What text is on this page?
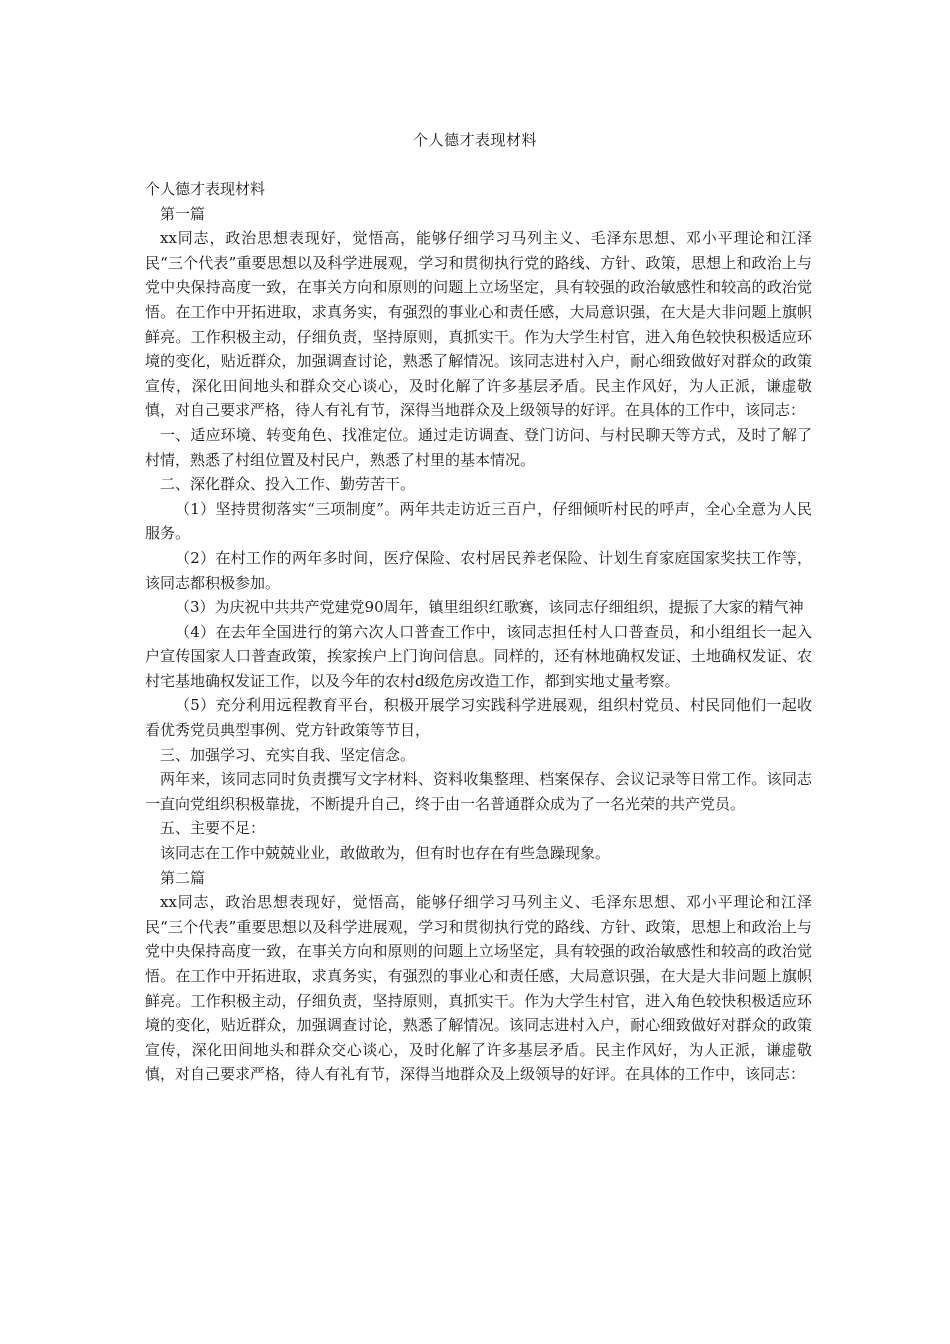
个人德才表现材料

个人德才表现材料

第一篇

xx同志，政治思想表现好，觉悟高，能够仔细学习马列主义、毛泽东思想、邓小平理论和江泽民“三个代表”重要思想以及科学进展观，学习和贯彻执行党的路线、方针、政策，思想上和政治上与党中央保持高度一致，在事关方向和原则的问题上立场坚定，具有较强的政治敏感性和较高的政治觉悟。在工作中开拓进取，求真务实，有强烈的事业心和责任感，大局意识强，在大是大非问题上旗帜鲜亮。工作积极主动，仔细负责，坚持原则，真抓实干。作为大学生村官，进入角色较快积极适应环境的变化，贴近群众，加强调查讨论，熟悉了解情况。该同志进村入户，耐心细致做好对群众的政策宣传，深化田间地头和群众交心谈心，及时化解了许多基层矛盾。民主作风好，为人正派，谦虚敬慎，对自己要求严格，待人有礼有节，深得当地群众及上级领导的好评。在具体的工作中，该同志：

一、适应环境、转变角色、找准定位。通过走访调查、登门访问、与村民聊天等方式，及时了解了村情，熟悉了村组位置及村民户，熟悉了村里的基本情况。

二、深化群众、投入工作、勤劳苦干。

（1）坚持贯彻落实“三项制度”。两年共走访近三百户，仔细倾听村民的呼声，全心全意为人民服务。

（2）在村工作的两年多时间，医疗保险、农村居民养老保险、计划生育家庭国家奖扶工作等，该同志都积极参加。

（3）为庆祝中共共产党建党90周年，镇里组织红歌赛，该同志仔细组织，提振了大家的精气神

（4）在去年全国进行的第六次人口普查工作中，该同志担任村人口普查员，和小组组长一起入户宣传国家人口普查政策，挨家挨户上门询问信息。同样的，还有林地确权发证、土地确权发证、农村宅基地确权发证工作，以及今年的农村d级危房改造工作，都到实地丈量考察。

（5）充分利用远程教育平台，积极开展学习实践科学进展观，组织村党员、村民同他们一起收看优秀党员典型事例、党方针政策等节目，

三、加强学习、充实自我、坚定信念。

两年来，该同志同时负责撰写文字材料、资料收集整理、档案保存、会议记录等日常工作。该同志一直向党组织积极靠拢，不断提升自己，终于由一名普通群众成为了一名光荣的共产党员。

五、主要不足：

该同志在工作中兢兢业业，敢做敢为，但有时也存在有些急躁现象。

第二篇

xx同志，政治思想表现好，觉悟高，能够仔细学习马列主义、毛泽东思想、邓小平理论和江泽民“三个代表”重要思想以及科学进展观，学习和贯彻执行党的路线、方针、政策，思想上和政治上与党中央保持高度一致，在事关方向和原则的问题上立场坚定，具有较强的政治敏感性和较高的政治觉悟。在工作中开拓进取，求真务实，有强烈的事业心和责任感，大局意识强，在大是大非问题上旗帜鲜亮。工作积极主动，仔细负责，坚持原则，真抓实干。作为大学生村官，进入角色较快积极适应环境的变化，贴近群众，加强调查讨论，熟悉了解情况。该同志进村入户，耐心细致做好对群众的政策宣传，深化田间地头和群众交心谈心，及时化解了许多基层矛盾。民主作风好，为人正派，谦虚敬慎，对自己要求严格，待人有礼有节，深得当地群众及上级领导的好评。在具体的工作中，该同志：
